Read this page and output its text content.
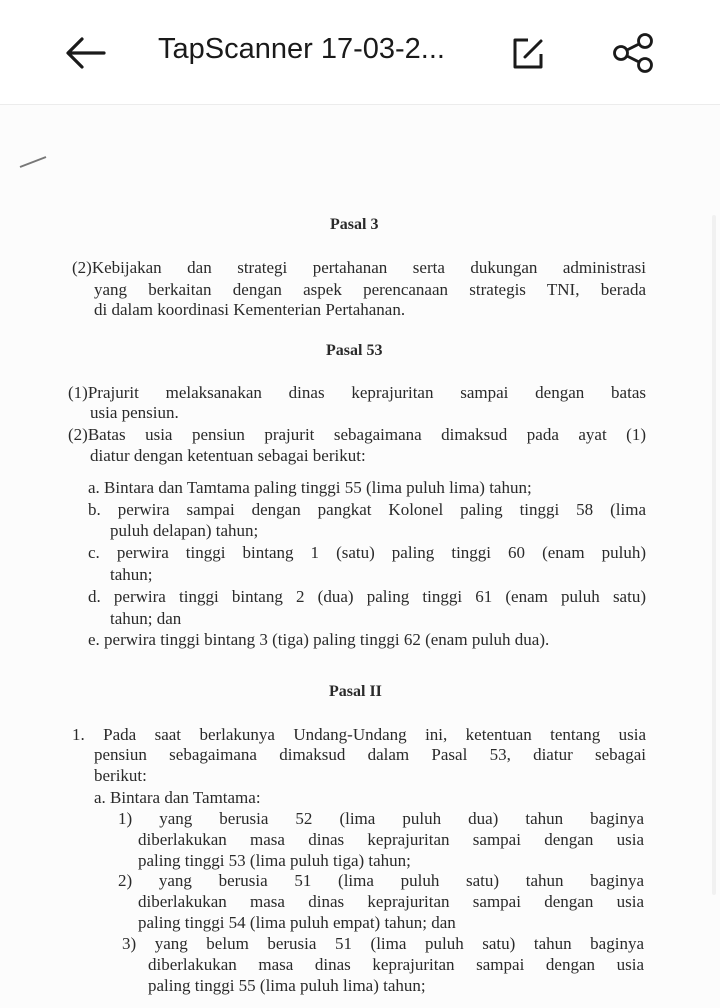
TapScanner 17-03-2...
Pasal 3
(2)Kebijakan dan strategi pertahanan serta dukungan administrasi
yang berkaitan dengan aspek perencanaan strategis TNI, berada
di dalam koordinasi Kementerian Pertahanan.
Pasal 53
(1)Prajurit melaksanakan dinas keprajuritan sampai dengan batas
usia pensiun.
(2)Batas usia pensiun prajurit sebagaimana dimaksud pada ayat (1)
diatur dengan ketentuan sebagai berikut:
a. Bintara dan Tamtama paling tinggi 55 (lima puluh lima) tahun;
b. perwira sampai dengan pangkat Kolonel paling tinggi 58 (lima
puluh delapan) tahun;
c. perwira tinggi bintang 1 (satu) paling tinggi 60 (enam puluh)
tahun;
d. perwira tinggi bintang 2 (dua) paling tinggi 61 (enam puluh satu)
tahun; dan
e. perwira tinggi bintang 3 (tiga) paling tinggi 62 (enam puluh dua).
Pasal II
1. Pada saat berlakunya Undang-Undang ini, ketentuan tentang usia
pensiun sebagaimana dimaksud dalam Pasal 53, diatur sebagai
berikut:
a. Bintara dan Tamtama:
1) yang berusia 52 (lima puluh dua) tahun baginya
diberlakukan masa dinas keprajuritan sampai dengan usia
paling tinggi 53 (lima puluh tiga) tahun;
2) yang berusia 51 (lima puluh satu) tahun baginya
diberlakukan masa dinas keprajuritan sampai dengan usia
paling tinggi 54 (lima puluh empat) tahun; dan
3) yang belum berusia 51 (lima puluh satu) tahun baginya
diberlakukan masa dinas keprajuritan sampai dengan usia
paling tinggi 55 (lima puluh lima) tahun;
